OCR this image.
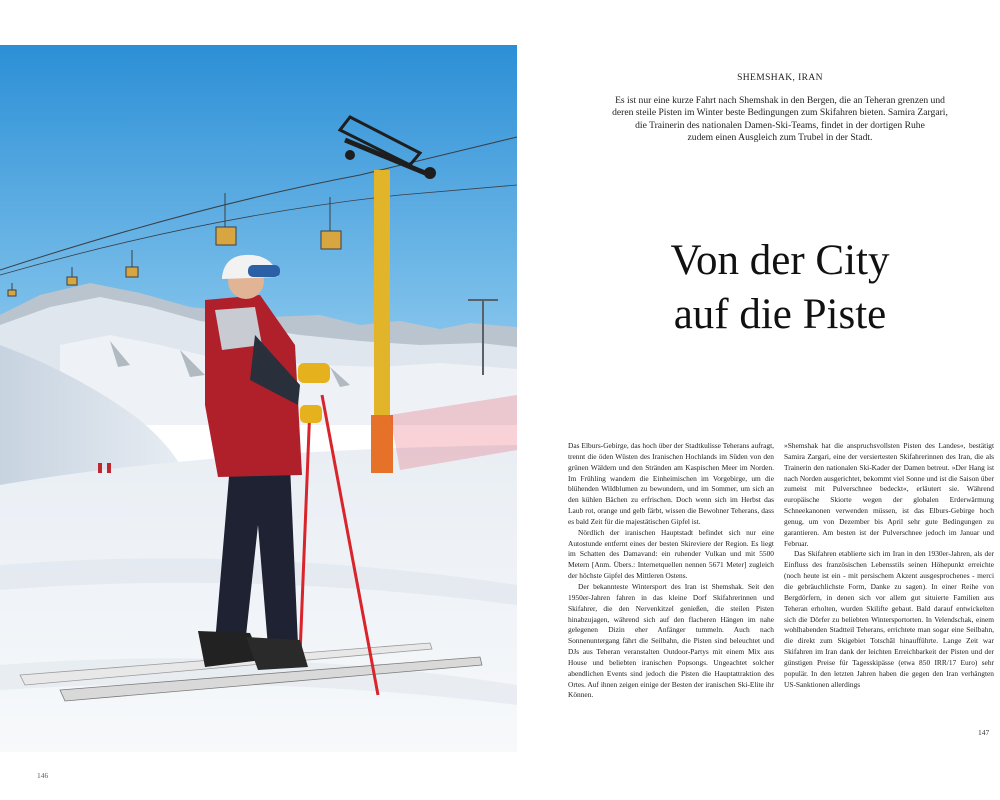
146
SHEMSHAK, IRAN
Es ist nur eine kurze Fahrt nach Shemshak in den Bergen, die an Teheran grenzen und
deren steile Pisten im Winter beste Bedingungen zum Skifahren bieten. Samira Zargari,
die Trainerin des nationalen Damen-Ski-Teams, findet in der dortigen Ruhe
zudem einen Ausgleich zum Trubel in der Stadt.
Von der City
auf die Piste

Das Elburs-Gebirge, das hoch über der Stadtkulisse Teherans aufragt, trennt die öden Wüsten des Iranischen Hochlands im Süden von den grünen Wäldern und den Stränden am Kaspischen Meer im Norden. Im Frühling wandern die Einheimischen im Vorgebirge, um die blühenden Wildblumen zu bewundern, und im Sommer, um sich an den kühlen Bächen zu erfrischen. Doch wenn sich im Herbst das Laub rot, orange und gelb färbt, wissen die Bewohner Teherans, dass es bald Zeit für die majestätischen Gipfel ist.

Nördlich der iranischen Hauptstadt befindet sich nur eine Autostunde entfernt eines der besten Skireviere der Region. Es liegt im Schatten des Damavand: ein ruhender Vulkan und mit 5500 Metern [Anm. Übers.: Internetquellen nennen 5671 Meter] zugleich der höchste Gipfel des Mittleren Ostens.

Der bekannteste Wintersport des Iran ist Shemshak. Seit den 1950er-Jahren fahren in das kleine Dorf Skifahrerinnen und Skifahrer, die den Nervenkitzel genießen, die steilen Pisten hinabzujagen, während sich auf den flacheren Hängen im nahe gelegenen Dizin eher Anfänger tummeln. Auch nach Sonnenuntergang fährt die Seilbahn, die Pisten sind beleuchtet und DJs aus Teheran veranstalten Outdoor-Partys mit einem Mix aus House und beliebten iranischen Popsongs. Ungeachtet solcher abendlichen Events sind jedoch die Pisten die Hauptattraktion des Ortes. Auf ihnen zeigen einige der Besten der iranischen Ski-Elite ihr Können.

»Shemshak hat die anspruchsvollsten Pisten des Landes«, bestätigt Samira Zargari, eine der versiertesten Skifahrerinnen des Iran, die als Trainerin den nationalen Ski-Kader der Damen betreut. »Der Hang ist nach Norden ausgerichtet, bekommt viel Sonne und ist die Saison über zumeist mit Pulverschnee bedeckt«, erläutert sie. Während europäische Skiorte wegen der globalen Erderwärmung Schneekanonen verwenden müssen, ist das Elburs-Gebirge hoch genug, um von Dezember bis April sehr gute Bedingungen zu garantieren. Am besten ist der Pulverschnee jedoch im Januar und Februar.

Das Skifahren etablierte sich im Iran in den 1930er-Jahren, als der Einfluss des französischen Lebensstils seinen Höhepunkt erreichte (noch heute ist ein - mit persischem Akzent ausgesprochenes - merci die gebräuchlichste Form, Danke zu sagen). In einer Reihe von Bergdörfern, in denen sich vor allem gut situierte Familien aus Teheran erholten, wurden Skilifte gebaut. Bald darauf entwickelten sich die Dörfer zu beliebten Wintersportorten. In Velendschak, einem wohlhabenden Stadtteil Teherans, errichtete man sogar eine Seilbahn, die direkt zum Skigebiet Totschāl hinaufführte. Lange Zeit war Skifahren im Iran dank der leichten Erreichbarkeit der Pisten und der günstigen Preise für Tagesskipässe (etwa 850 IRR/17 Euro) sehr populär. In den letzten Jahren haben die gegen den Iran verhängten US-Sanktionen allerdings

147
